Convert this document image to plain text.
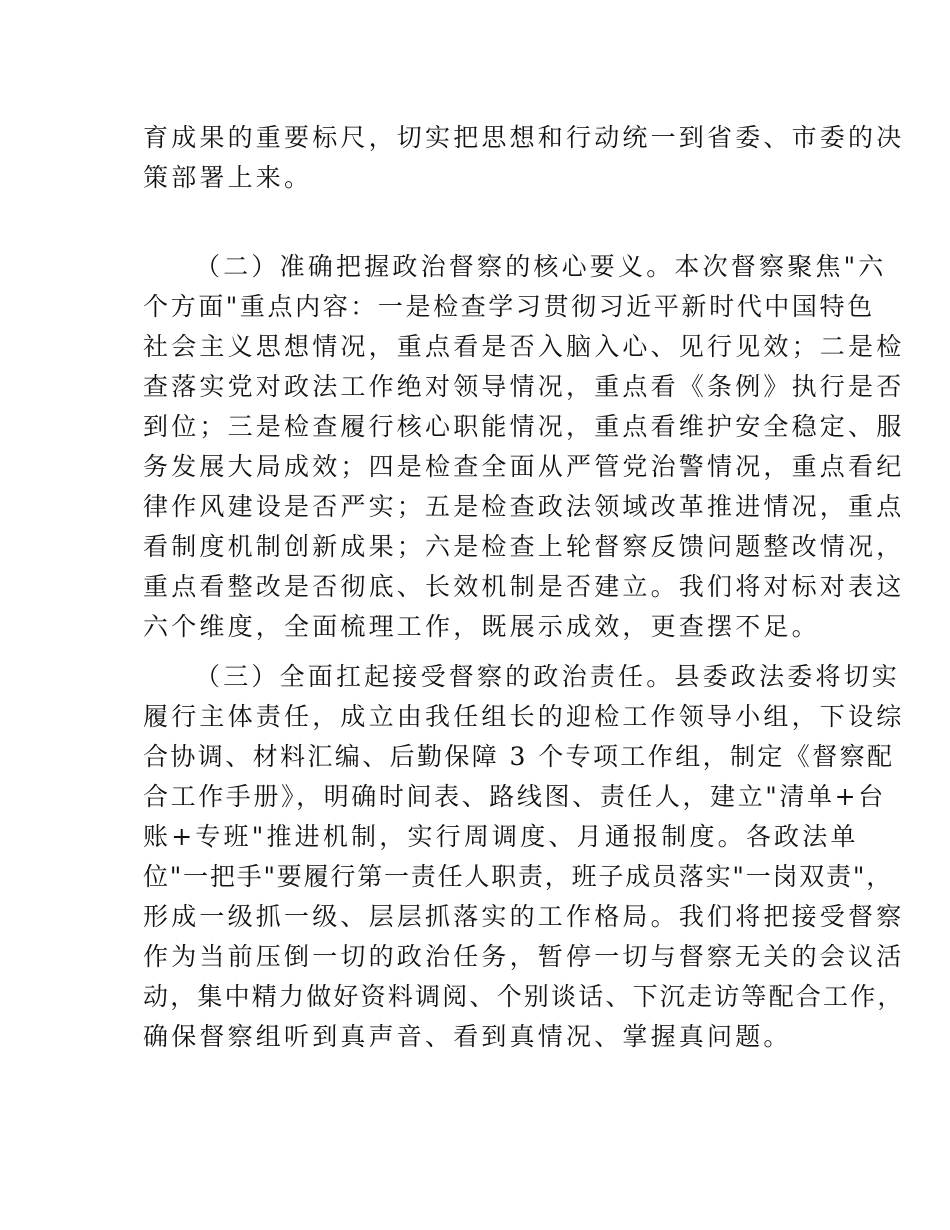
育成果的重要标尺，切实把思想和行动统一到省委、市委的决
策部署上来。
（二）准确把握政治督察的核心要义。本次督察聚焦"六
个方面"重点内容：一是检查学习贯彻习近平新时代中国特色
社会主义思想情况，重点看是否入脑入心、见行见效；二是检
查落实党对政法工作绝对领导情况，重点看《条例》执行是否
到位；三是检查履行核心职能情况，重点看维护安全稳定、服
务发展大局成效；四是检查全面从严管党治警情况，重点看纪
律作风建设是否严实；五是检查政法领域改革推进情况，重点
看制度机制创新成果；六是检查上轮督察反馈问题整改情况，
重点看整改是否彻底、长效机制是否建立。我们将对标对表这
六个维度，全面梳理工作，既展示成效，更查摆不足。
（三）全面扛起接受督察的政治责任。县委政法委将切实
履行主体责任，成立由我任组长的迎检工作领导小组，下设综
合协调、材料汇编、后勤保障 3 个专项工作组，制定《督察配
合工作手册》，明确时间表、路线图、责任人，建立"清单+台
账+专班"推进机制，实行周调度、月通报制度。各政法单
位"一把手"要履行第一责任人职责，班子成员落实"一岗双责"，
形成一级抓一级、层层抓落实的工作格局。我们将把接受督察
作为当前压倒一切的政治任务，暂停一切与督察无关的会议活
动，集中精力做好资料调阅、个别谈话、下沉走访等配合工作，
确保督察组听到真声音、看到真情况、掌握真问题。
